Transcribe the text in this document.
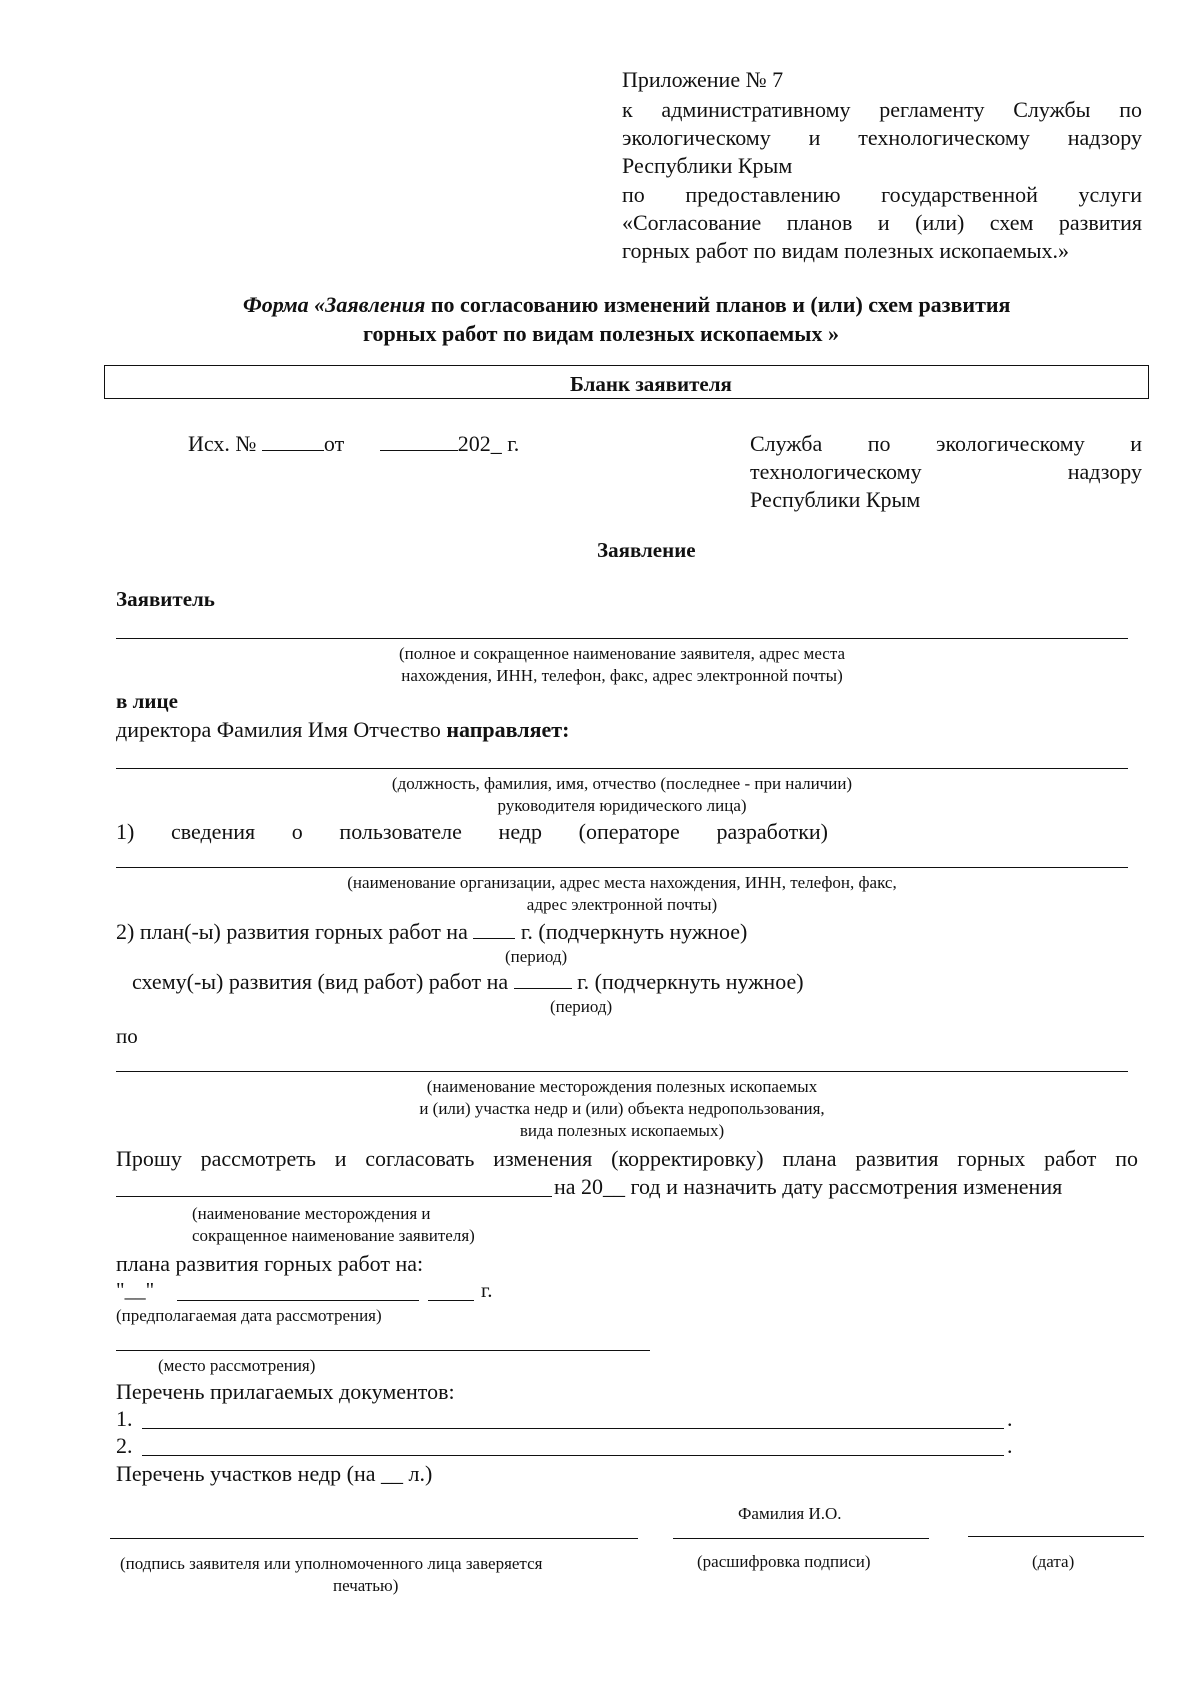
Приложение № 7
к административному регламенту Службы по
экологическому и технологическому надзору
Республики Крым
по предоставлению государственной услуги
«Согласование планов и (или) схем развития
горных работ по видам полезных ископаемых.»
Форма «Заявления по согласованию изменений планов и (или) схем развития
горных работ по видам полезных ископаемых »
Бланк заявителя
Исх. №	от	202_ г.	Служба по экологическому и
технологическому надзору
Республики Крым
Заявление
Заявитель
(полное и сокращенное наименование заявителя, адрес места
нахождения, ИНН, телефон, факс, адрес электронной почты)
в лице
директора Фамилия Имя Отчество направляет:
(должность, фамилия, имя, отчество (последнее - при наличии)
руководителя юридического лица)
1) сведения о пользователе недр (операторе разработки)
(наименование организации, адрес места нахождения, ИНН, телефон, факс,
адрес электронной почты)
2) план(-ы) развития горных работ на  г. (подчеркнуть нужное)
(период)
схему(-ы) развития (вид работ) работ на	г. (подчеркнуть нужное)
(период)
по
(наименование месторождения полезных ископаемых
и (или) участка недр и (или) объекта недропользования,
вида полезных ископаемых)
Прошу рассмотреть и согласовать изменения (корректировку) плана развития горных работ по
на 20__ год и назначить дату рассмотрения изменения
(наименование месторождения и
сокращенное наименование заявителя)
плана развития горных работ на:
"__"	г.
(предполагаемая дата рассмотрения)
(место рассмотрения)
Перечень прилагаемых документов:
1.	.
2.	.
Перечень участков недр (на __ л.)
Фамилия И.О.
(подпись заявителя или уполномоченного лица заверяется
печатью)
(расшифровка подписи)	(дата)
